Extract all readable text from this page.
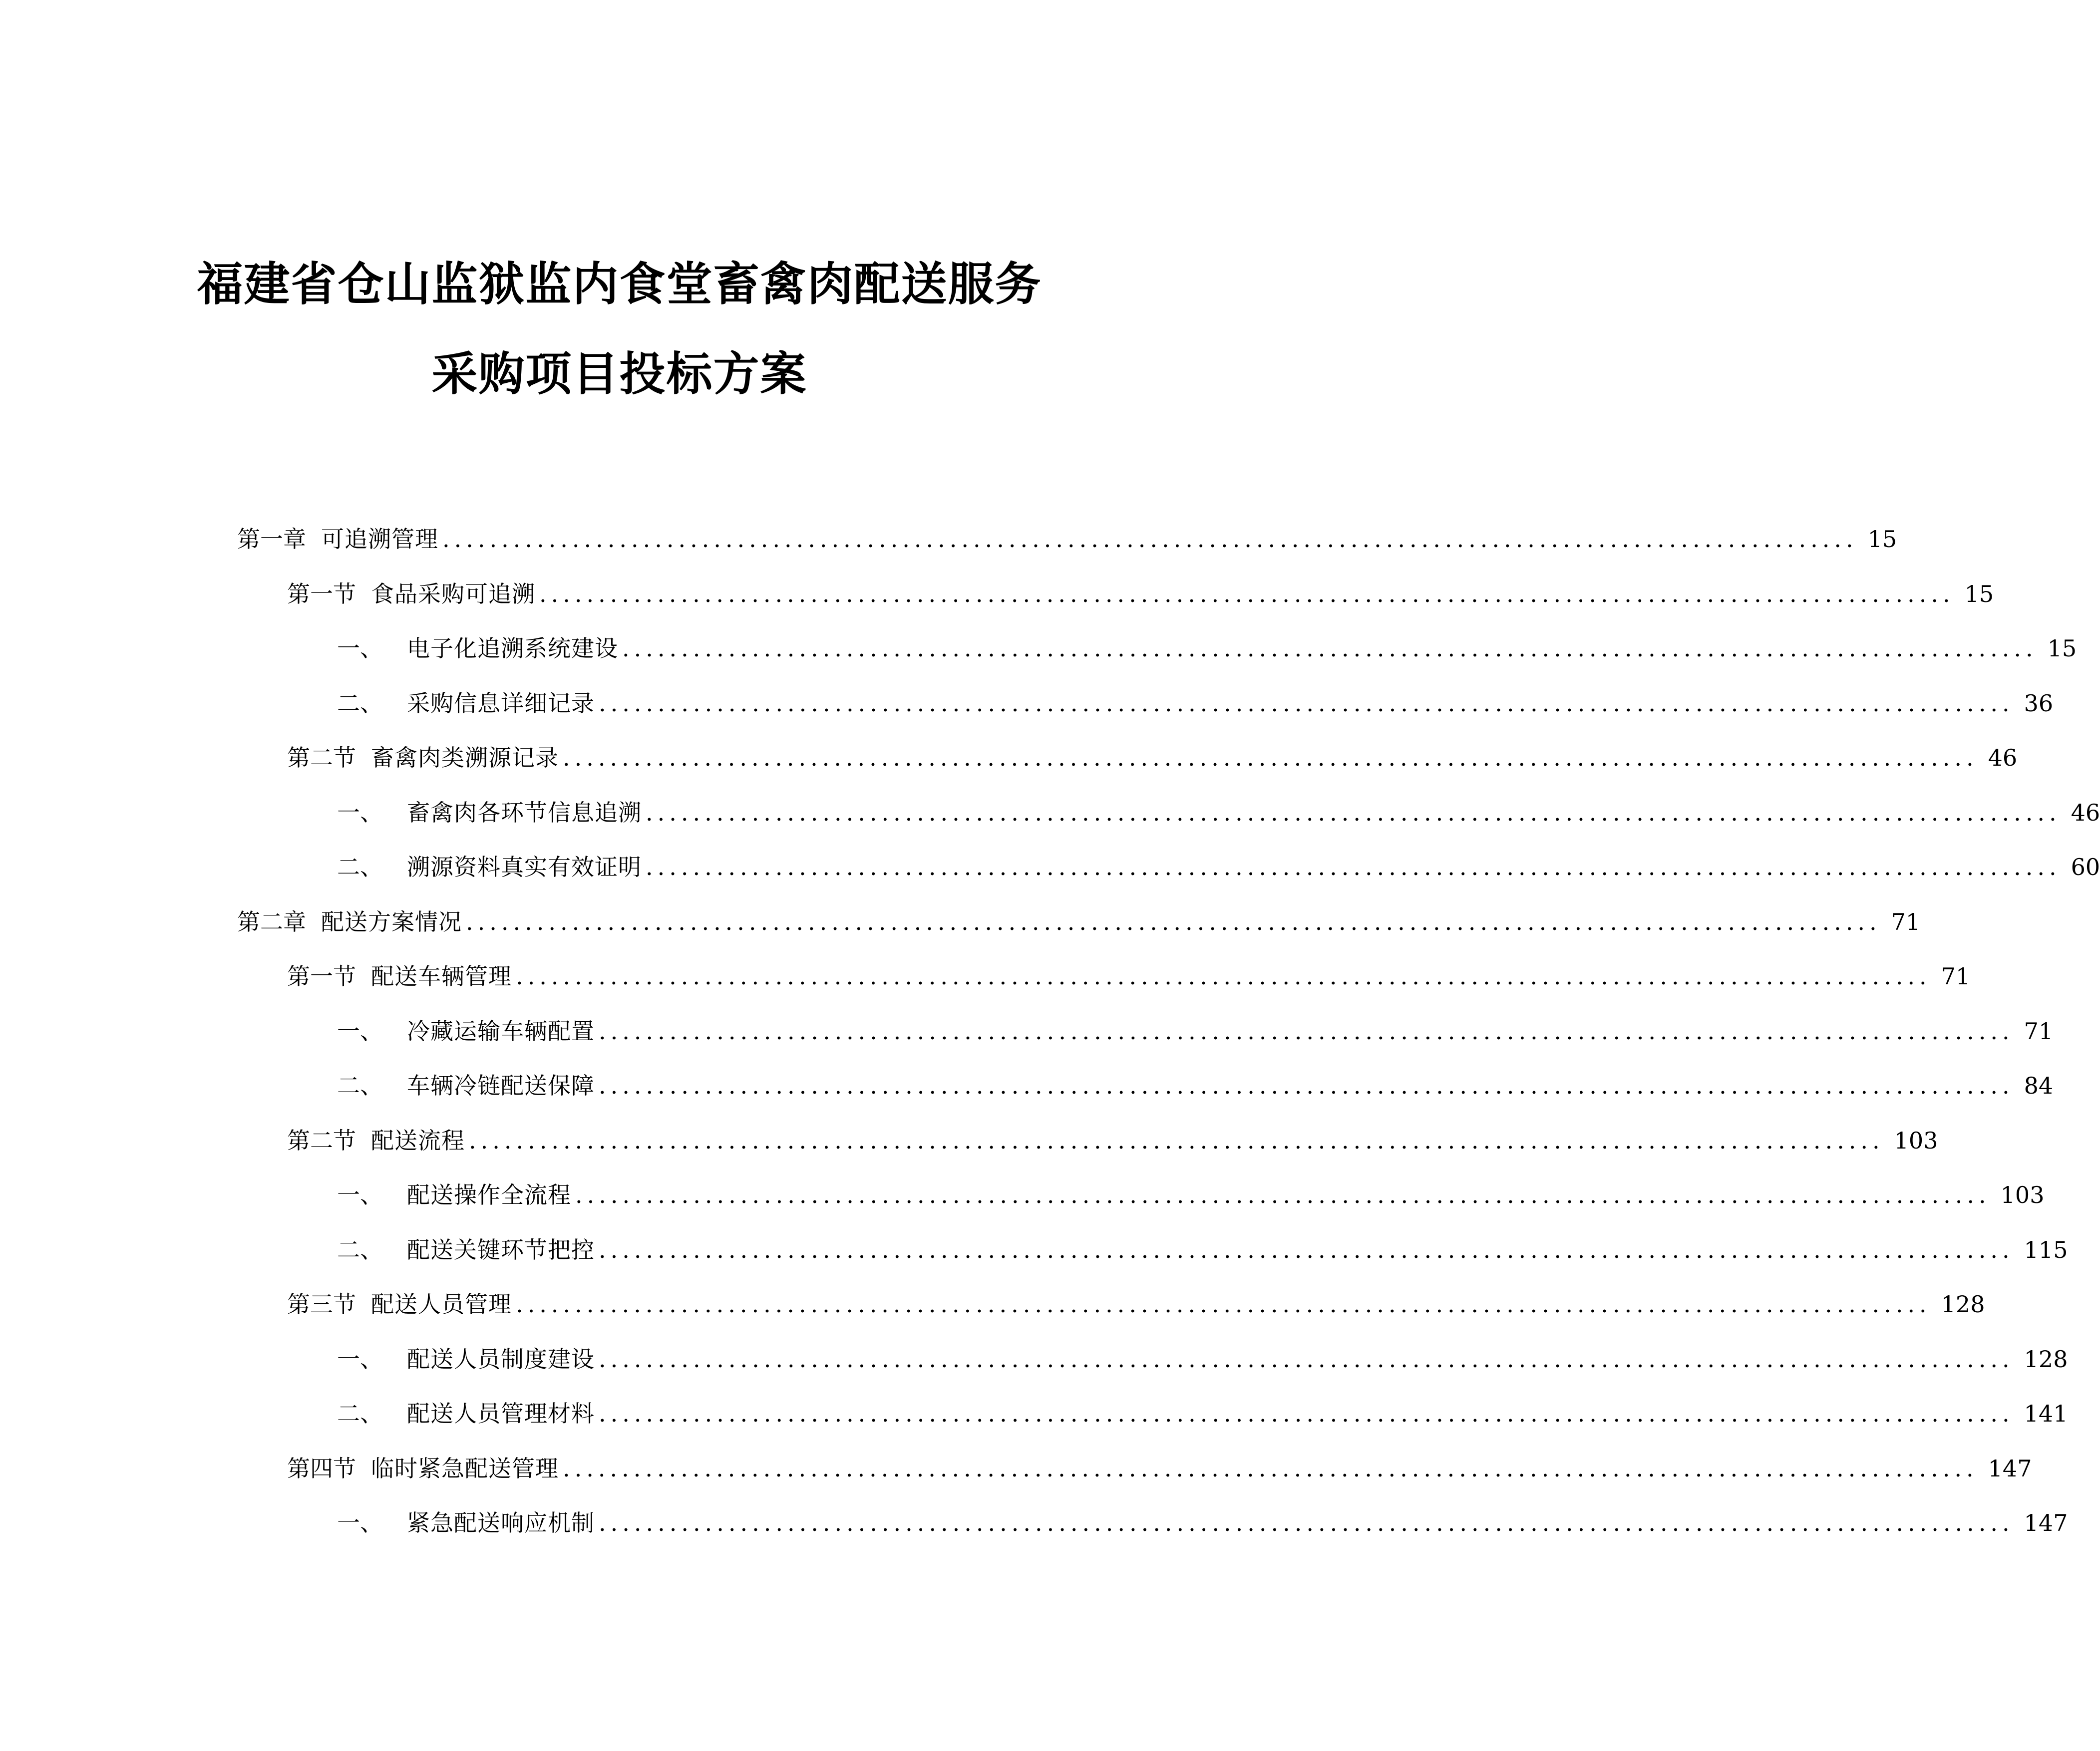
福建省仓山监狱监内食堂畜禽肉配送服务
采购项目投标方案
第一章 可追溯管理 ........................................................................................................................ 15
第一节 食品采购可追溯 ........................................................................................................................ 15
一、 电子化追溯系统建设 ........................................................................................................................ 15
二、 采购信息详细记录 ........................................................................................................................ 36
第二节 畜禽肉类溯源记录 ........................................................................................................................ 46
一、 畜禽肉各环节信息追溯 ........................................................................................................................ 46
二、 溯源资料真实有效证明 ........................................................................................................................ 60
第二章 配送方案情况 ........................................................................................................................ 71
第一节 配送车辆管理 ........................................................................................................................ 71
一、 冷藏运输车辆配置 ........................................................................................................................ 71
二、 车辆冷链配送保障 ........................................................................................................................ 84
第二节 配送流程 ........................................................................................................................ 103
一、 配送操作全流程 ........................................................................................................................ 103
二、 配送关键环节把控 ........................................................................................................................ 115
第三节 配送人员管理 ........................................................................................................................ 128
一、 配送人员制度建设 ........................................................................................................................ 128
二、 配送人员管理材料 ........................................................................................................................ 141
第四节 临时紧急配送管理 ........................................................................................................................ 147
一、 紧急配送响应机制 ........................................................................................................................ 147
